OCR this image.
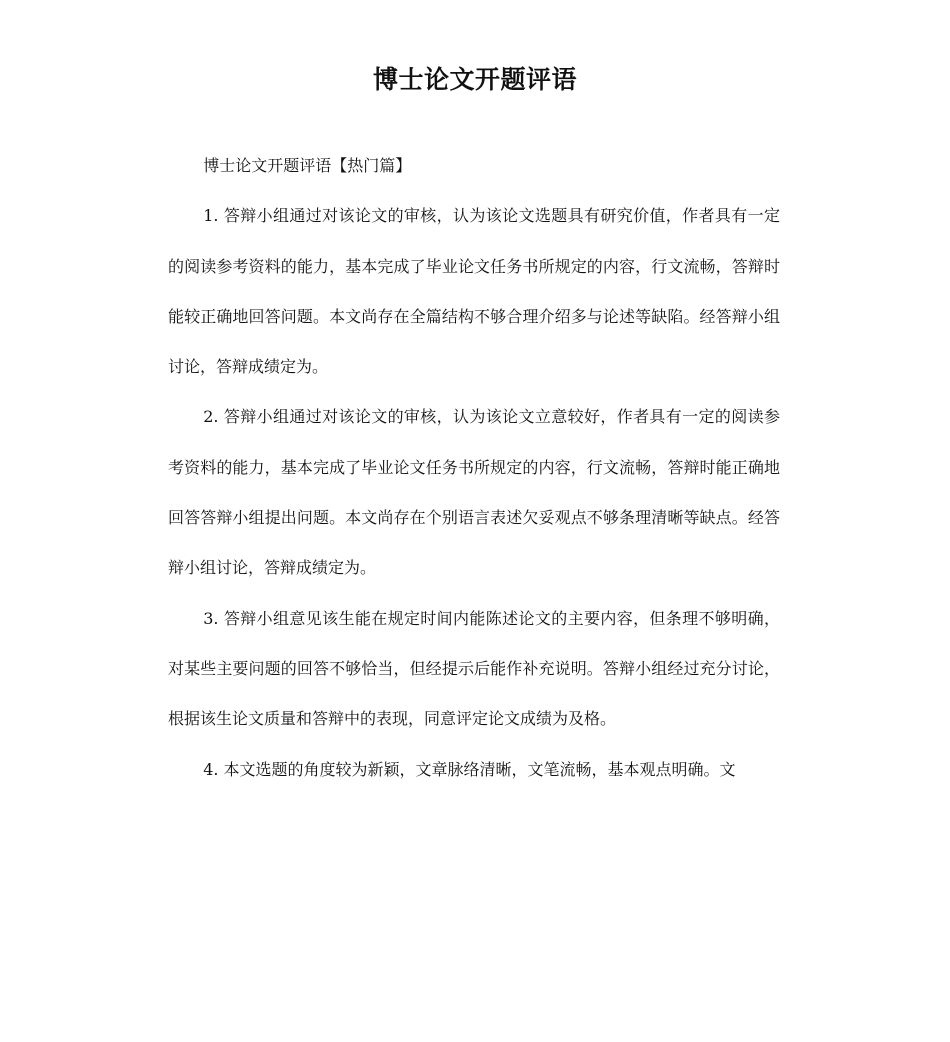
博士论文开题评语

博士论文开题评语【热门篇】

1. 答辩小组通过对该论文的审核，认为该论文选题具有研究价值，作者具有一定的阅读参考资料的能力，基本完成了毕业论文任务书所规定的内容，行文流畅，答辩时能较正确地回答问题。本文尚存在全篇结构不够合理介绍多与论述等缺陷。经答辩小组讨论，答辩成绩定为。

2. 答辩小组通过对该论文的审核，认为该论文立意较好，作者具有一定的阅读参考资料的能力，基本完成了毕业论文任务书所规定的内容，行文流畅，答辩时能正确地回答答辩小组提出问题。本文尚存在个别语言表述欠妥观点不够条理清晰等缺点。经答辩小组讨论，答辩成绩定为。

3. 答辩小组意见该生能在规定时间内能陈述论文的主要内容，但条理不够明确，对某些主要问题的回答不够恰当，但经提示后能作补充说明。答辩小组经过充分讨论，根据该生论文质量和答辩中的表现，同意评定论文成绩为及格。

4. 本文选题的角度较为新颖，文章脉络清晰，文笔流畅，基本观点明确。文
